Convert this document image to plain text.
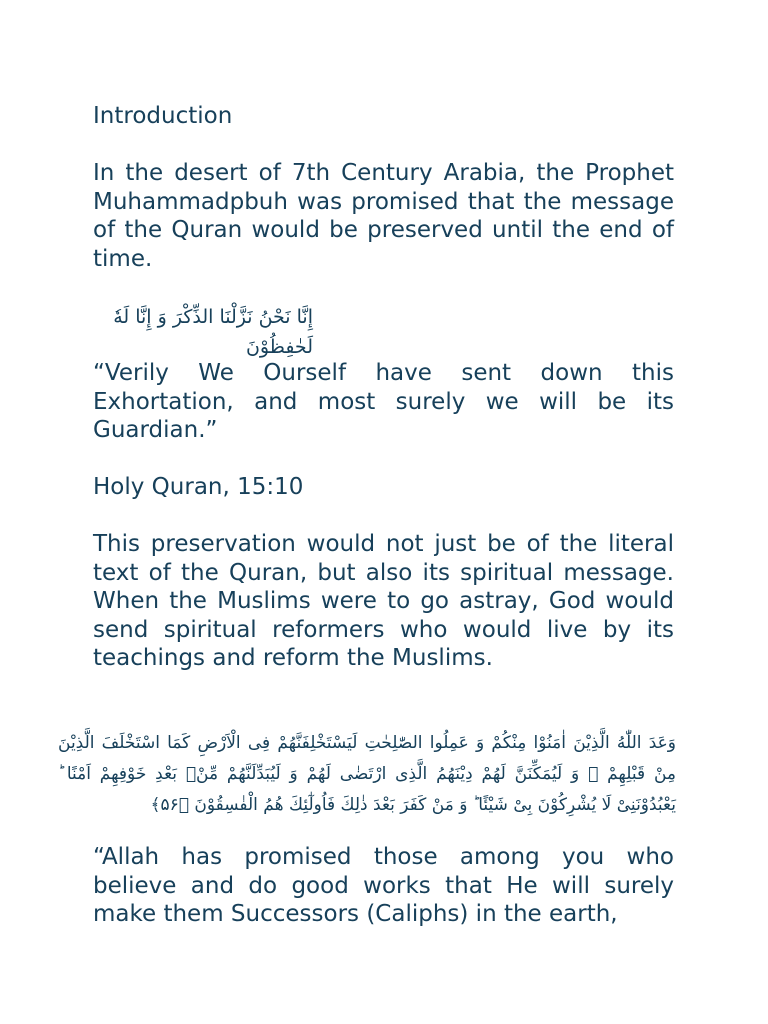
Introduction

In the desert of 7th Century Arabia, the Prophet Muhammadpbuh was promised that the message of the Quran would be preserved until the end of time.

إِنَّا نَحْنُ نَزَّلْنَا الذِّكْرَ وَ إِنَّا لَهٗ لَحٰفِظُوْنَ

“Verily We Ourself have sent down this Exhortation, and most surely we will be its Guardian.”

Holy Quran, 15:10

This preservation would not just be of the literal text of the Quran, but also its spiritual message. When the Muslims were to go astray, God would send spiritual reformers who would live by its teachings and reform the Muslims.

وَعَدَ اللّٰهُ الَّذِيْنَ اٰمَنُوْا مِنْكُمْ وَ عَمِلُوا الصّٰلِحٰتِ لَيَسْتَخْلِفَنَّهُمْ فِى الْاَرْضِ كَمَا اسْتَخْلَفَ الَّذِيْنَ مِنْ قَبْلِهِمْ ۪ وَ لَيُمَكِّنَنَّ لَهُمْ دِيْنَهُمُ الَّذِى ارْتَضٰى لَهُمْ وَ لَيُبَدِّلَنَّهُمْ مِّنْۢ بَعْدِ خَوْفِهِمْ اَمْنًا ؕ يَعْبُدُوْنَنِىْ لَا يُشْرِكُوْنَ بِىْ شَيْئًا ؕ وَ مَنْ كَفَرَ بَعْدَ ذٰلِكَ فَاُولٰٓئِكَ هُمُ الْفٰسِقُوْنَ ﴿۵۶﴾

“Allah has promised those among you who believe and do good works that He will surely make them Successors (Caliphs) in the earth,
